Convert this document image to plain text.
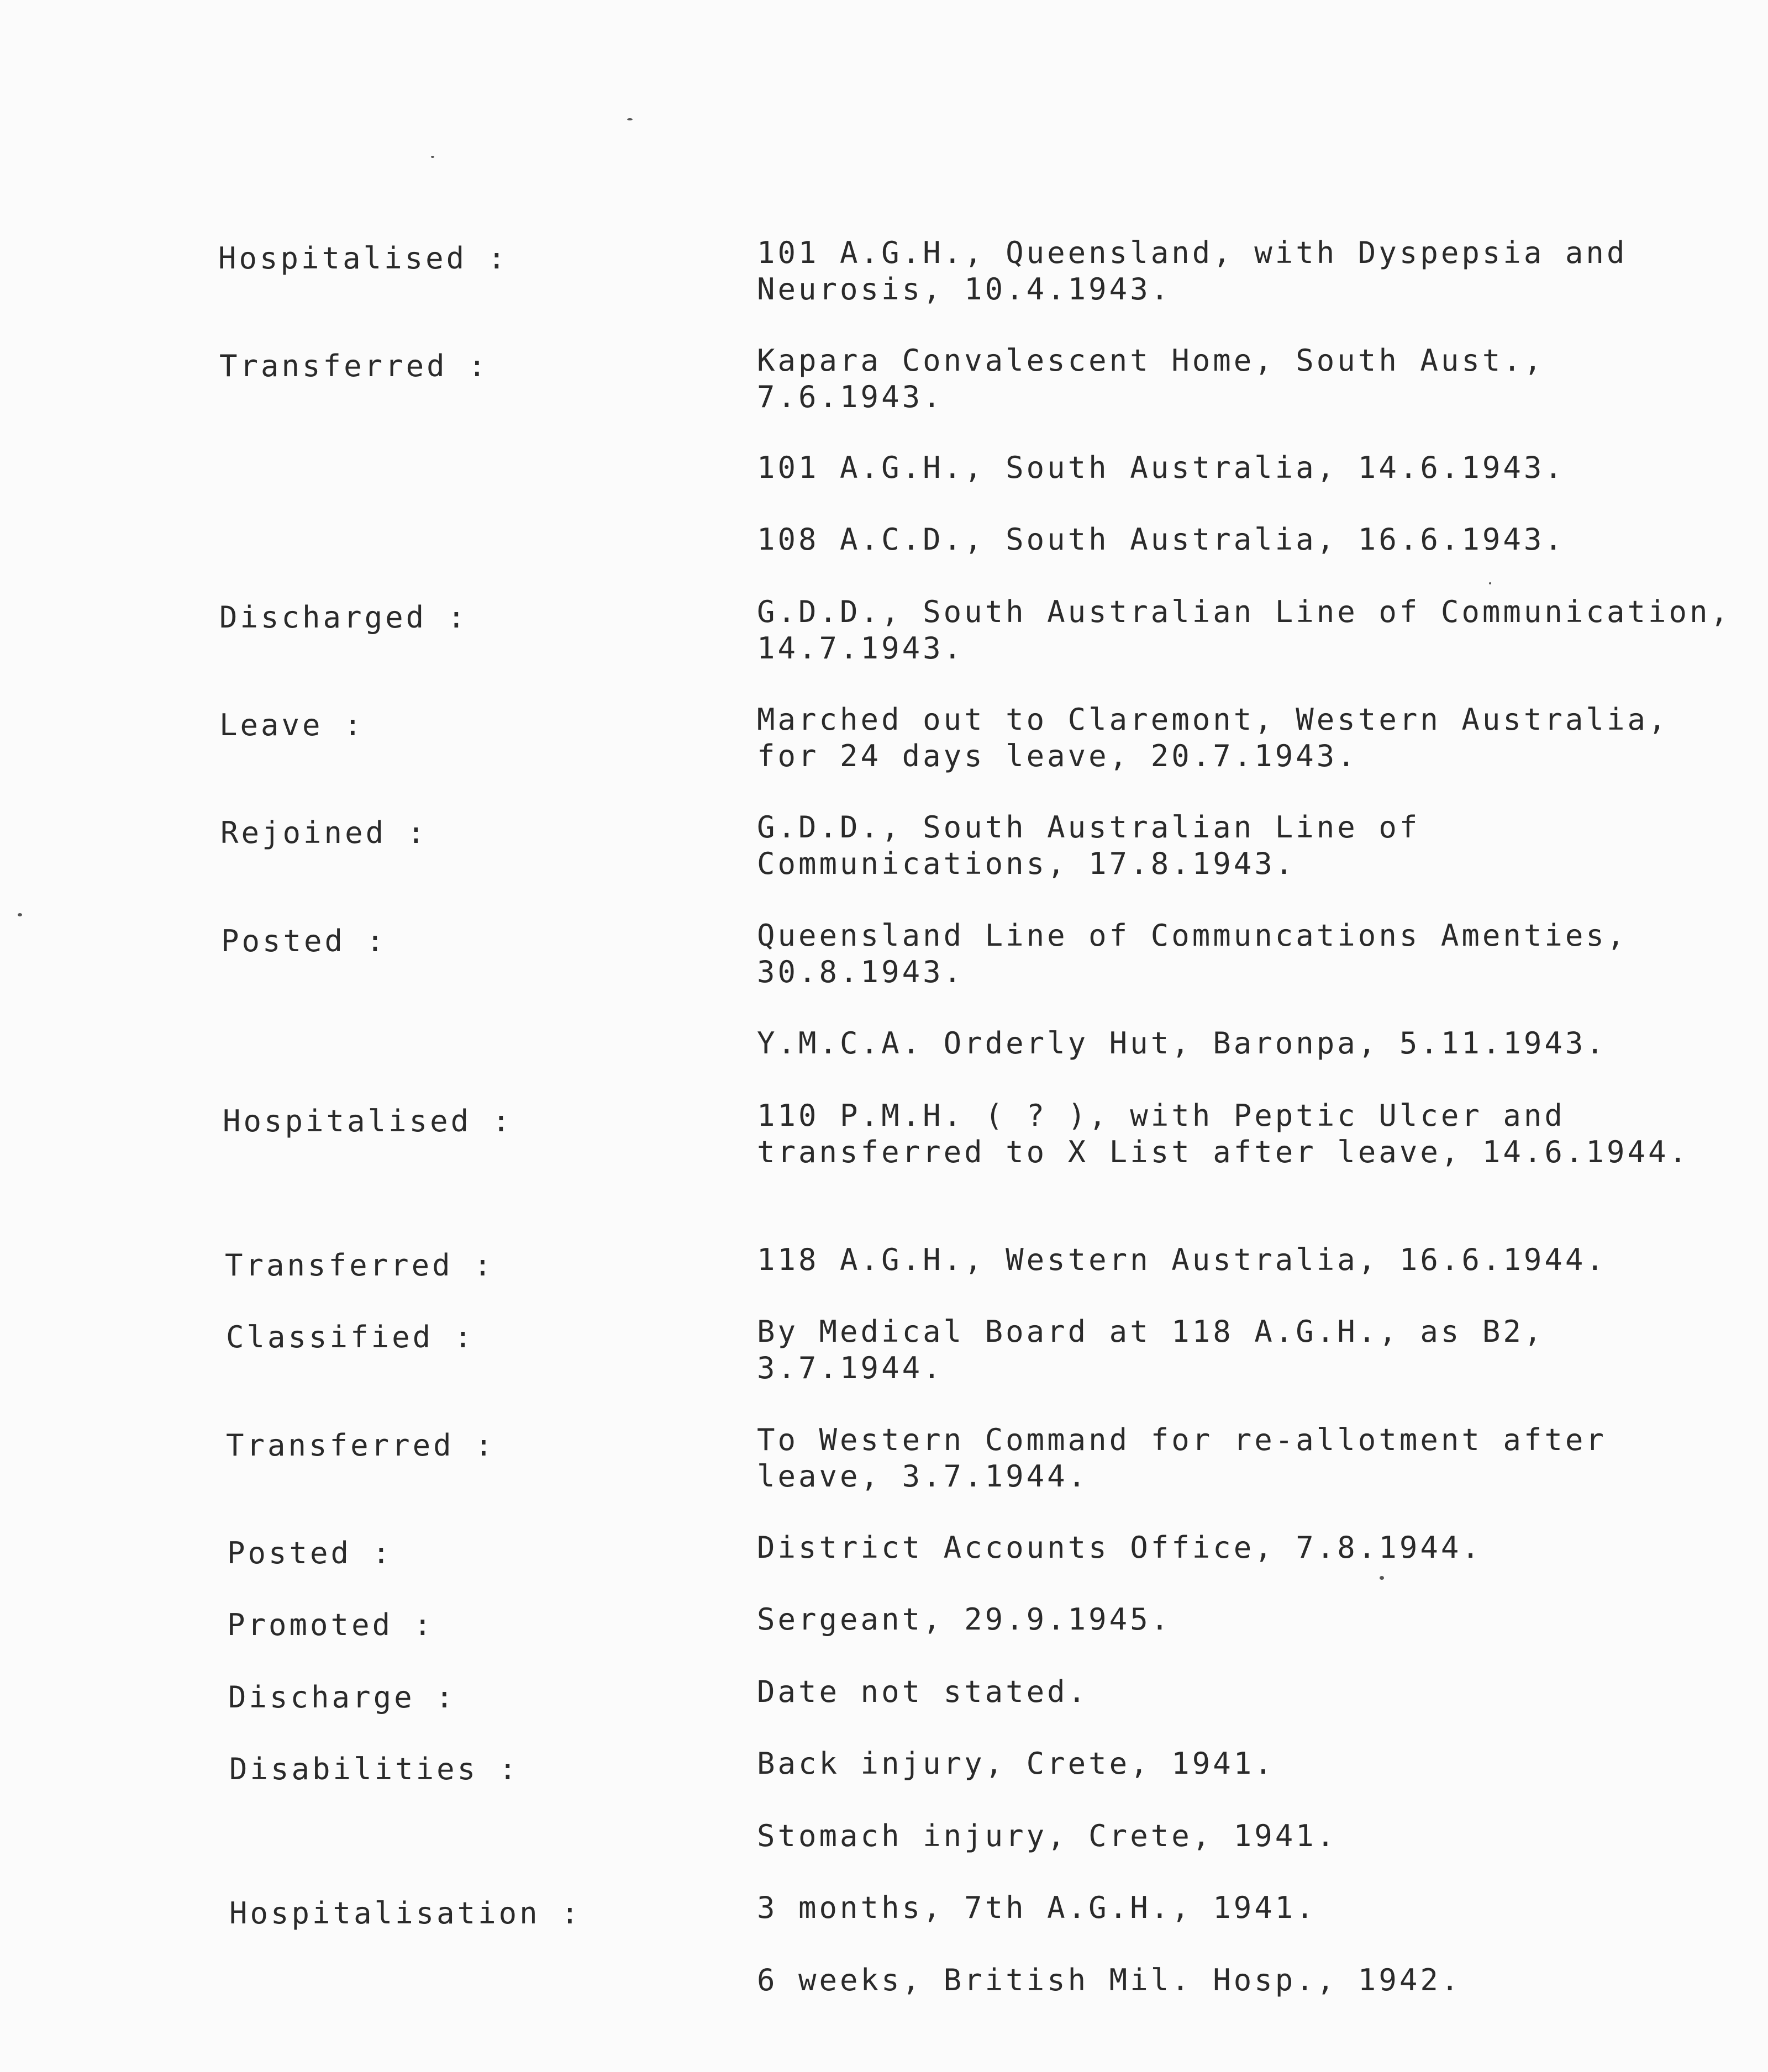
Hospitalised :	101 A.G.H., Queensland, with Dyspepsia and Neurosis, 10.4.1943.
Transferred :	Kapara Convalescent Home, South Aust., 7.6.1943.
101 A.G.H., South Australia, 14.6.1943.
108 A.C.D., South Australia, 16.6.1943.
Discharged :	G.D.D., South Australian Line of Communication, 14.7.1943.
Leave :	Marched out to Claremont, Western Australia, for 24 days leave, 20.7.1943.
Rejoined :	G.D.D., South Australian Line of Communications, 17.8.1943.
Posted :	Queensland Line of Communcations Amenties, 30.8.1943.
Y.M.C.A. Orderly Hut, Baronpa, 5.11.1943.
Hospitalised :	110 P.M.H. ( ? ), with Peptic Ulcer and transferred to X List after leave, 14.6.1944.
Transferred :	118 A.G.H., Western Australia, 16.6.1944.
Classified :	By Medical Board at 118 A.G.H., as B2, 3.7.1944.
Transferred :	To Western Command for re-allotment after leave, 3.7.1944.
Posted :	District Accounts Office, 7.8.1944.
Promoted :	Sergeant, 29.9.1945.
Discharge :	Date not stated.
Disabilities :	Back injury, Crete, 1941.
Stomach injury, Crete, 1941.
Hospitalisation :	3 months, 7th A.G.H., 1941.
6 weeks, British Mil. Hosp., 1942.
